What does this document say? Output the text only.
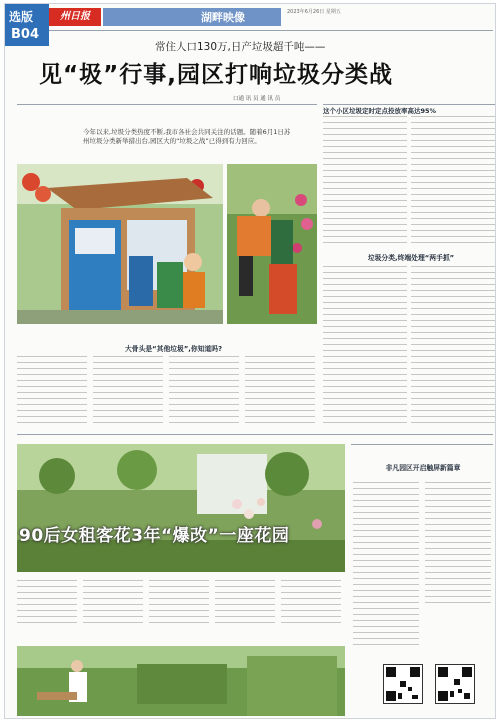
选版
B04
州日报	湖畔映像	2023年6月26日 星期五
常住人口130万,日产垃圾超千吨——
见“圾”行事,园区打响垃圾分类战
口通 讯 员 通 讯 员
这个小区垃圾定时定点投放率高达95%
今年以来,垃圾分类热度不断,我市各社会共同关注的话题。随着6月1日苏州垃圾分类新举措出台,园区大的“垃圾之战”已得到有力回应。
垃圾分类,终端处理“两手抓”
大骨头是“其他垃圾”,你知道吗?
90后女租客花3年“爆改”一座花园
非凡园区开启触屏新篇章
